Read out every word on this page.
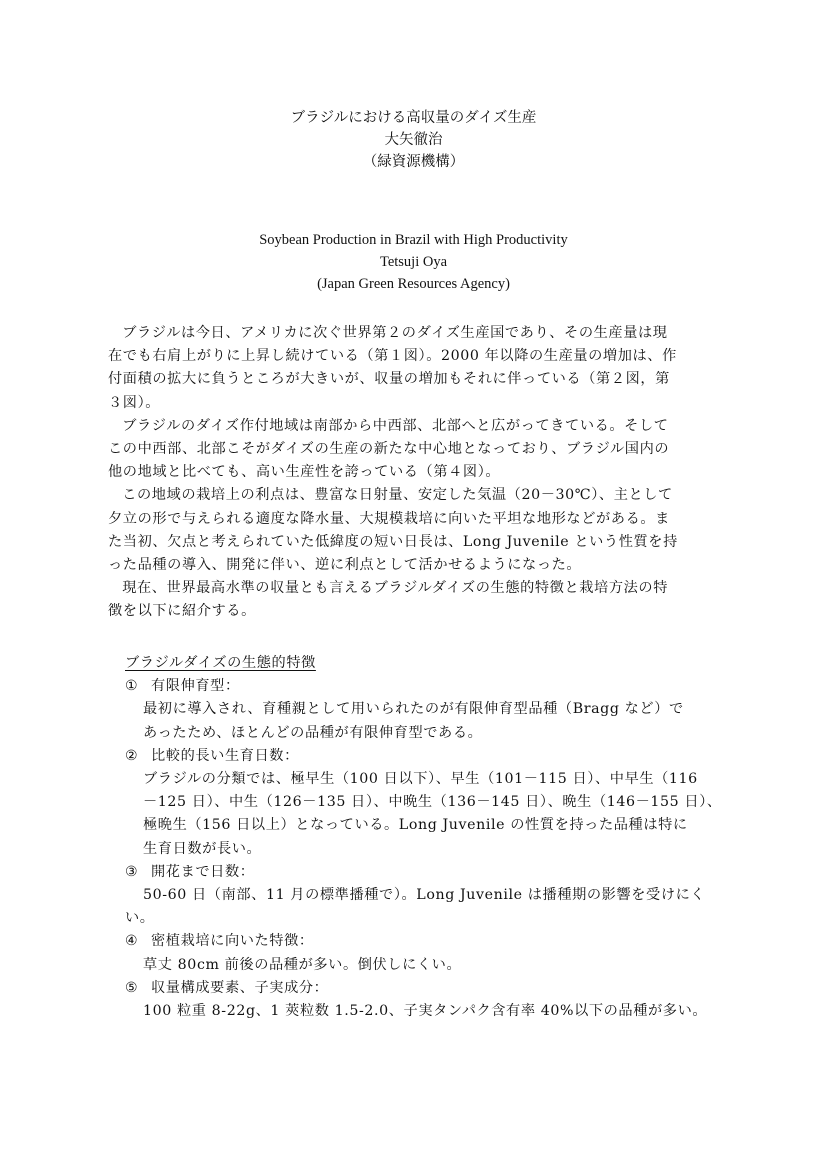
ブラジルにおける高収量のダイズ生産
大矢徹治
（緑資源機構）
Soybean Production in Brazil with High Productivity
Tetsuji Oya
(Japan Green Resources Agency)

ブラジルは今日、アメリカに次ぐ世界第２のダイズ生産国であり、その生産量は現
在でも右肩上がりに上昇し続けている（第１図）。2000 年以降の生産量の増加は、作
付面積の拡大に負うところが大きいが、収量の増加もそれに伴っている（第２図，第
３図）。

ブラジルのダイズ作付地域は南部から中西部、北部へと広がってきている。そして
この中西部、北部こそがダイズの生産の新たな中心地となっており、ブラジル国内の
他の地域と比べても、高い生産性を誇っている（第４図）。

この地域の栽培上の利点は、豊富な日射量、安定した気温（20－30℃）、主として
夕立の形で与えられる適度な降水量、大規模栽培に向いた平坦な地形などがある。ま
た当初、欠点と考えられていた低緯度の短い日長は、Long Juvenile という性質を持
った品種の導入、開発に伴い、逆に利点として活かせるようになった。

現在、世界最高水準の収量とも言えるブラジルダイズの生態的特徴と栽培方法の特
徴を以下に紹介する。

ブラジルダイズの生態的特徴
① 有限伸育型：
最初に導入され、育種親として用いられたのが有限伸育型品種（Bragg など）で
あったため、ほとんどの品種が有限伸育型である。
② 比較的長い生育日数：
ブラジルの分類では、極早生（100 日以下）、早生（101－115 日）、中早生（116
－125 日）、中生（126－135 日）、中晩生（136－145 日）、晩生（146－155 日）、
極晩生（156 日以上）となっている。Long Juvenile の性質を持った品種は特に
生育日数が長い。
③ 開花まで日数：
50-60 日（南部、11 月の標準播種で）。Long Juvenile は播種期の影響を受けにく
い。
④ 密植栽培に向いた特徴：
草丈 80cm 前後の品種が多い。倒伏しにくい。
⑤ 収量構成要素、子実成分：
100 粒重 8-22g、1 莢粒数 1.5-2.0、子実タンパク含有率 40%以下の品種が多い。
